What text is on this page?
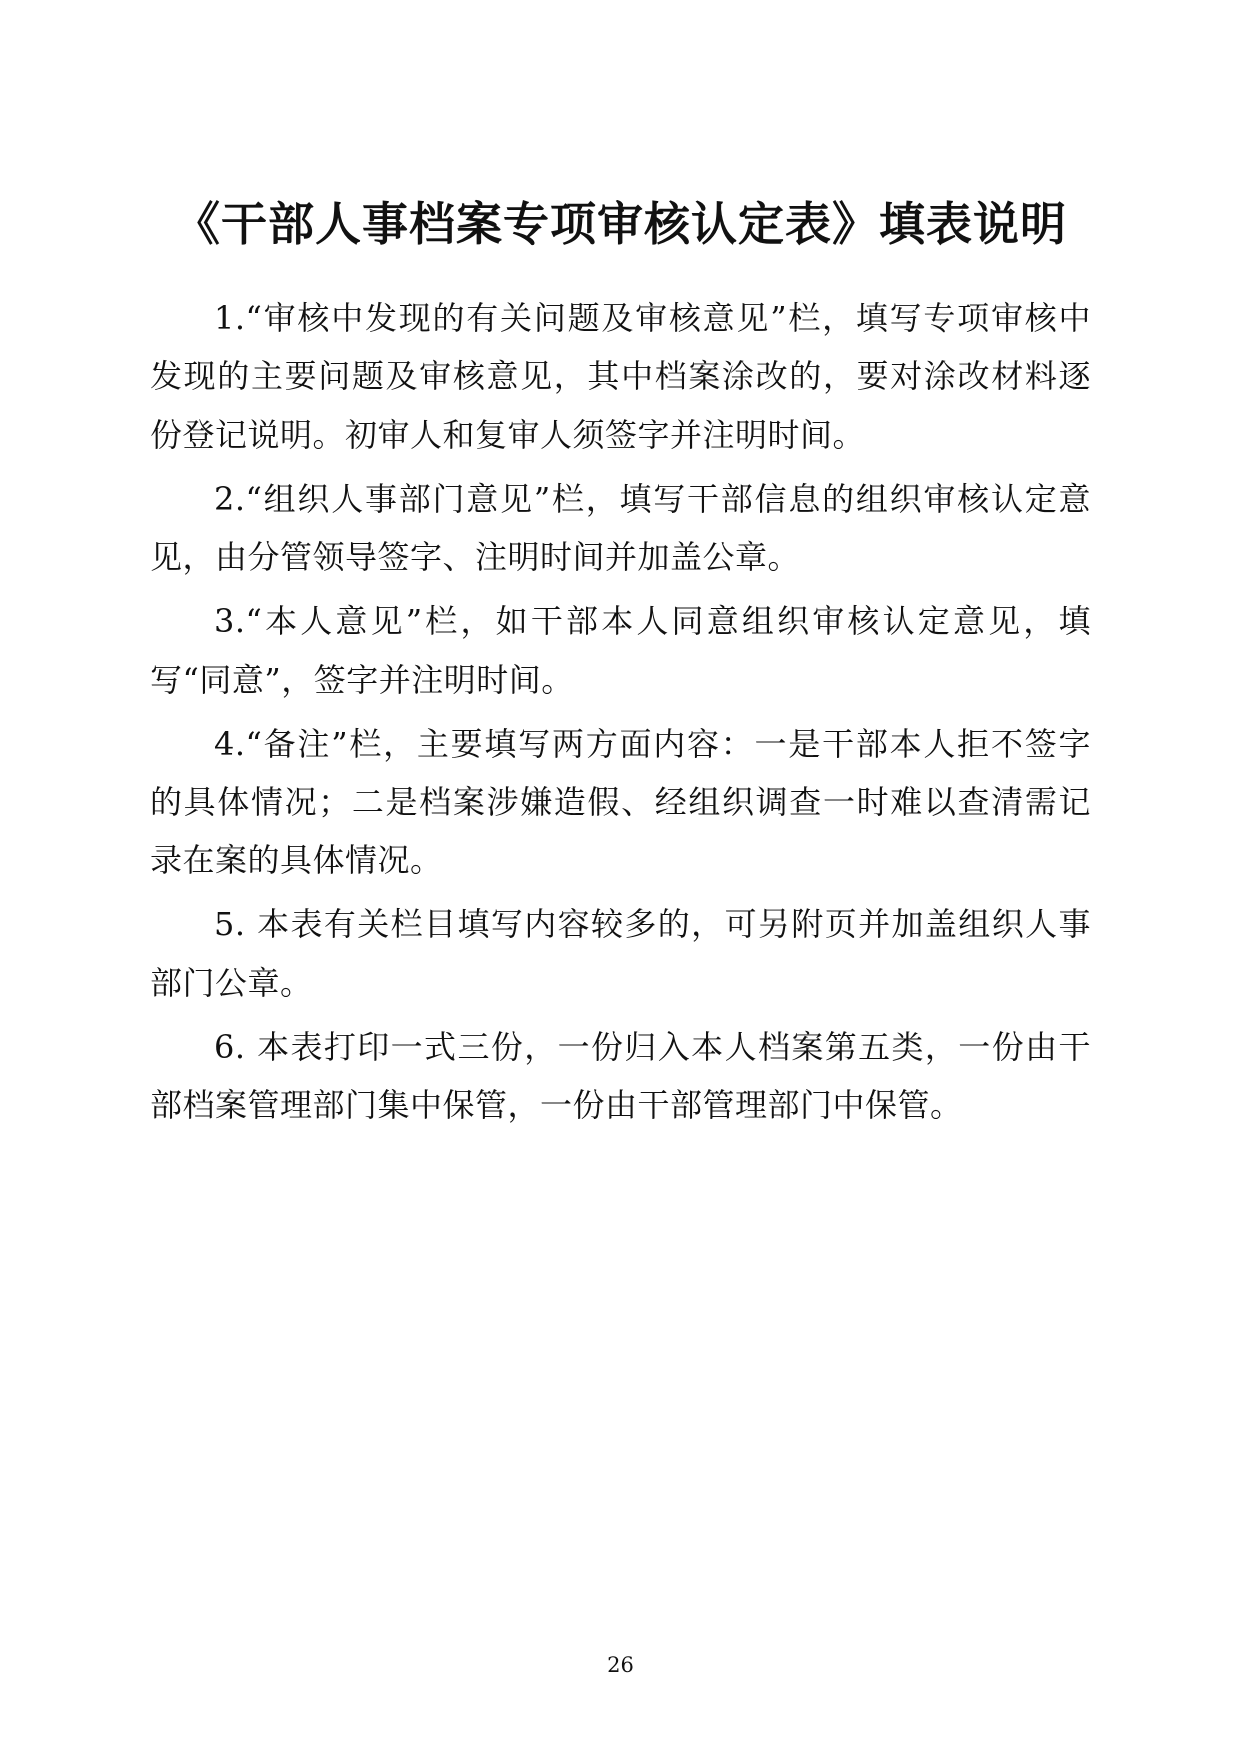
《干部人事档案专项审核认定表》填表说明

1.“审核中发现的有关问题及审核意见”栏，填写专项审核中发现的主要问题及审核意见，其中档案涂改的，要对涂改材料逐份登记说明。初审人和复审人须签字并注明时间。

2.“组织人事部门意见”栏，填写干部信息的组织审核认定意见，由分管领导签字、注明时间并加盖公章。

3.“本人意见”栏，如干部本人同意组织审核认定意见，填写“同意”，签字并注明时间。

4.“备注”栏，主要填写两方面内容：一是干部本人拒不签字的具体情况；二是档案涉嫌造假、经组织调查一时难以查清需记录在案的具体情况。

5. 本表有关栏目填写内容较多的，可另附页并加盖组织人事部门公章。

6. 本表打印一式三份，一份归入本人档案第五类，一份由干部档案管理部门集中保管，一份由干部管理部门中保管。

26
